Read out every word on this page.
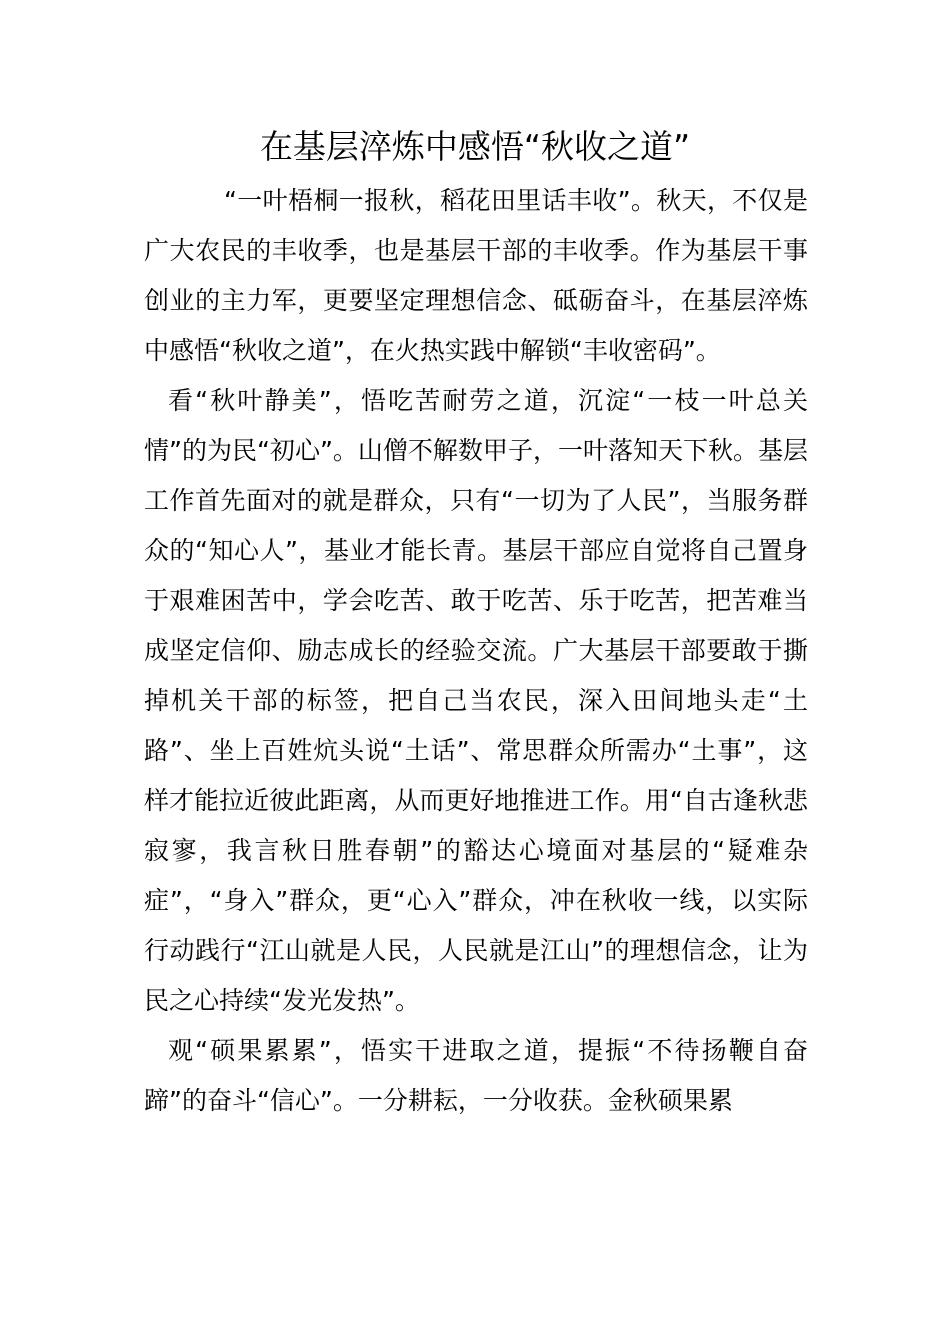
在基层淬炼中感悟“秋收之道”

“一叶梧桐一报秋，稻花田里话丰收”。秋天，不仅是广大农民的丰收季，也是基层干部的丰收季。作为基层干事创业的主力军，更要坚定理想信念、砥砺奋斗，在基层淬炼中感悟“秋收之道”，在火热实践中解锁“丰收密码”。

看“秋叶静美”，悟吃苦耐劳之道，沉淀“一枝一叶总关情”的为民“初心”。山僧不解数甲子，一叶落知天下秋。基层工作首先面对的就是群众，只有“一切为了人民”，当服务群众的“知心人”，基业才能长青。基层干部应自觉将自己置身于艰难困苦中，学会吃苦、敢于吃苦、乐于吃苦，把苦难当成坚定信仰、励志成长的经验交流。广大基层干部要敢于撕掉机关干部的标签，把自己当农民，深入田间地头走“土路”、坐上百姓炕头说“土话”、常思群众所需办“土事”，这样才能拉近彼此距离，从而更好地推进工作。用“自古逢秋悲寂寥，我言秋日胜春朝”的豁达心境面对基层的“疑难杂症”，“身入”群众，更“心入”群众，冲在秋收一线，以实际行动践行“江山就是人民，人民就是江山”的理想信念，让为民之心持续“发光发热”。

观“硕果累累”，悟实干进取之道，提振“不待扬鞭自奋蹄”的奋斗“信心”。一分耕耘，一分收获。金秋硕果累
